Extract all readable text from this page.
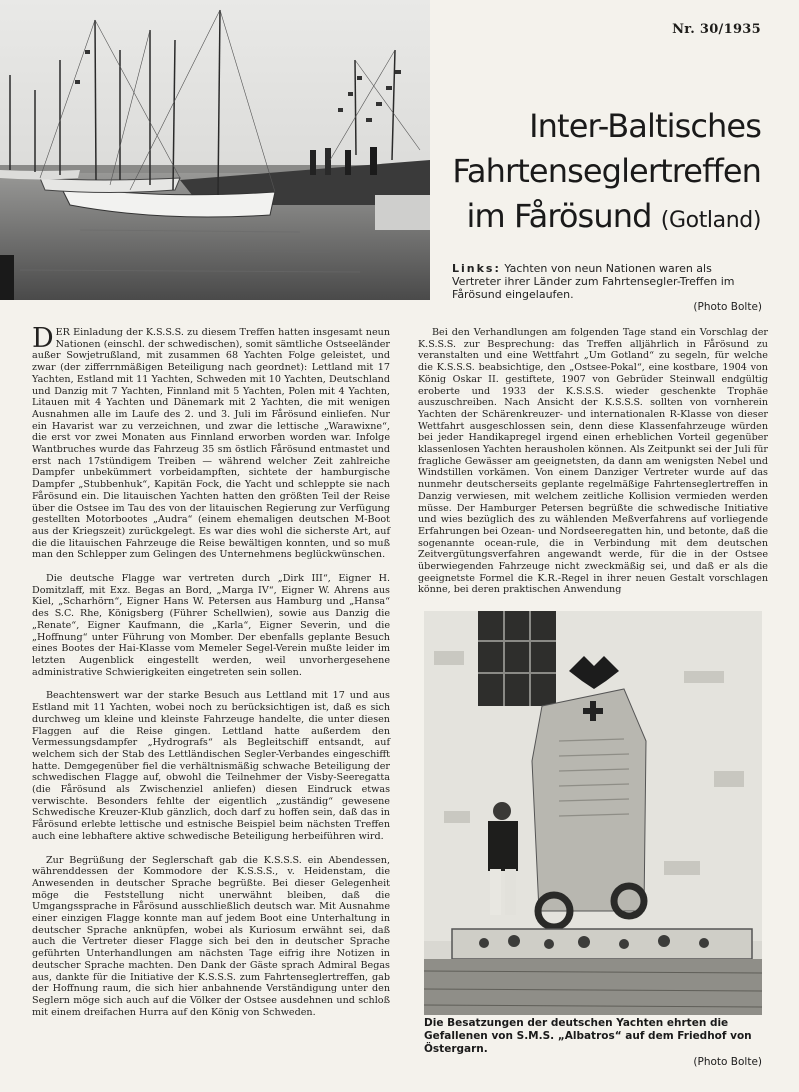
Nr. 30/1935
Inter-Baltisches
Fahrtenseglertreffen
im Fårösund (Gotland)
Links: Yachten von neun Nationen waren als Vertreter ihrer Länder zum Fahrtensegler-Treffen im Fårösund eingelaufen.
(Photo Bolte)

DER Einladung der K.S.S.S. zu diesem Treffen hatten insgesamt neun Nationen (einschl. der schwedischen), somit sämtliche Ostseeländer außer Sowjetrußland, mit zusammen 68 Yachten Folge geleistet, und zwar (der zifferrnmäßigen Beteiligung nach geordnet): Lettland mit 17 Yachten, Estland mit 11 Yachten, Schweden mit 10 Yachten, Deutschland und Danzig mit 7 Yachten, Finnland mit 5 Yachten, Polen mit 4 Yachten, Litauen mit 4 Yachten und Dänemark mit 2 Yachten, die mit wenigen Ausnahmen alle im Laufe des 2. und 3. Juli im Fårösund einliefen. Nur ein Havarist war zu verzeichnen, und zwar die lettische „Warawixne“, die erst vor zwei Monaten aus Finnland erworben worden war. Infolge Wantbruches wurde das Fahrzeug 35 sm östlich Fårösund entmastet und erst nach 17stündigem Treiben — während welcher Zeit zahlreiche Dampfer unbekümmert vorbeidampften, sichtete der hamburgische Dampfer „Stubbenhuk“, Kapitän Fock, die Yacht und schleppte sie nach Fårösund ein. Die litauischen Yachten hatten den größten Teil der Reise über die Ostsee im Tau des von der litauischen Regierung zur Verfügung gestellten Motorbootes „Audra“ (einem ehemaligen deutschen M-Boot aus der Kriegszeit) zurückgelegt. Es war dies wohl die sicherste Art, auf die die litauischen Fahrzeuge die Reise bewältigen konnten, und so muß man den Schlepper zum Gelingen des Unternehmens beglückwünschen.

Die deutsche Flagge war vertreten durch „Dirk III“, Eigner H. Domitzlaff, mit Exz. Begas an Bord, „Marga IV“, Eigner W. Ahrens aus Kiel, „Scharhörn“, Eigner Hans W. Petersen aus Hamburg und „Hansa“ des S.C. Rhe, Königsberg (Führer Schellwien), sowie aus Danzig die „Renate“, Eigner Kaufmann, die „Karla“, Eigner Severin, und die „Hoffnung“ unter Führung von Momber. Der ebenfalls geplante Besuch eines Bootes der Hai-Klasse vom Memeler Segel-Verein mußte leider im letzten Augenblick eingestellt werden, weil unvorhergesehene administrative Schwierigkeiten eingetreten sein sollen.

Beachtenswert war der starke Besuch aus Lettland mit 17 und aus Estland mit 11 Yachten, wobei noch zu berücksichtigen ist, daß es sich durchweg um kleine und kleinste Fahrzeuge handelte, die unter diesen Flaggen auf die Reise gingen. Lettland hatte außerdem den Vermessungsdampfer „Hydrografs“ als Begleitschiff entsandt, auf welchem sich der Stab des Lettländischen Segler-Verbandes eingeschifft hatte. Demgegenüber fiel die verhältnismäßig schwache Beteiligung der schwedischen Flagge auf, obwohl die Teilnehmer der Visby-Seeregatta (die Fårösund als Zwischenziel anliefen) diesen Eindruck etwas verwischte. Besonders fehlte der eigentlich „zuständig“ gewesene Schwedische Kreuzer-Klub gänzlich, doch darf zu hoffen sein, daß das in Fårösund erlebte lettische und estnische Beispiel beim nächsten Treffen auch eine lebhaftere aktive schwedische Beteiligung herbeiführen wird.

Zur Begrüßung der Seglerschaft gab die K.S.S.S. ein Abendessen, währenddessen der Kommodore der K.S.S.S., v. Heidenstam, die Anwesenden in deutscher Sprache begrüßte. Bei dieser Gelegenheit möge die Feststellung nicht unerwähnt bleiben, daß die Umgangssprache in Fårösund ausschließlich deutsch war. Mit Ausnahme einer einzigen Flagge konnte man auf jedem Boot eine Unterhaltung in deutscher Sprache anknüpfen, wobei als Kuriosum erwähnt sei, daß auch die Vertreter dieser Flagge sich bei den in deutscher Sprache geführten Unterhandlungen am nächsten Tage eifrig ihre Notizen in deutscher Sprache machten. Den Dank der Gäste sprach Admiral Begas aus, dankte für die Initiative der K.S.S.S. zum Fahrtenseglertreffen, gab der Hoffnung raum, die sich hier anbahnende Verständigung unter den Seglern möge sich auch auf die Völker der Ostsee ausdehnen und schloß mit einem dreifachen Hurra auf den König von Schweden.

Bei den Verhandlungen am folgenden Tage stand ein Vorschlag der K.S.S.S. zur Besprechung: das Treffen alljährlich in Fårösund zu veranstalten und eine Wettfahrt „Um Gotland“ zu segeln, für welche die K.S.S.S. beabsichtige, den „Ostsee-Pokal“, eine kostbare, 1904 von König Oskar II. gestiftete, 1907 von Gebrüder Steinwall endgültig eroberte und 1933 der K.S.S.S. wieder geschenkte Trophäe auszuschreiben. Nach Ansicht der K.S.S.S. sollten von vornherein Yachten der Schärenkreuzer- und internationalen R-Klasse von dieser Wettfahrt ausgeschlossen sein, denn diese Klassenfahrzeuge würden bei jeder Handikapregel irgend einen erheblichen Vorteil gegenüber klassenlosen Yachten herausholen können. Als Zeitpunkt sei der Juli für fragliche Gewässer am geeignetsten, da dann am wenigsten Nebel und Windstillen vorkämen. Von einem Danziger Vertreter wurde auf das nunmehr deutscherseits geplante regelmäßige Fahrtenseglertreffen in Danzig verwiesen, mit welchem zeitliche Kollision vermieden werden müsse. Der Hamburger Petersen begrüßte die schwedische Initiative und wies bezüglich des zu wählenden Meßverfahrens auf vorliegende Erfahrungen bei Ozean- und Nordseeregatten hin, und betonte, daß die sogenannte ocean-rule, die in Verbindung mit dem deutschen Zeitvergütungsverfahren angewandt werde, für die in der Ostsee überwiegenden Fahrzeuge nicht zweckmäßig sei, und daß er als die geeignetste Formel die K.R.-Regel in ihrer neuen Gestalt vorschlagen könne, bei deren praktischen Anwendung

Die Besatzungen der deutschen Yachten ehrten die Gefallenen von S.M.S. „Albatros“ auf dem Friedhof von Östergarn.
(Photo Bolte)
